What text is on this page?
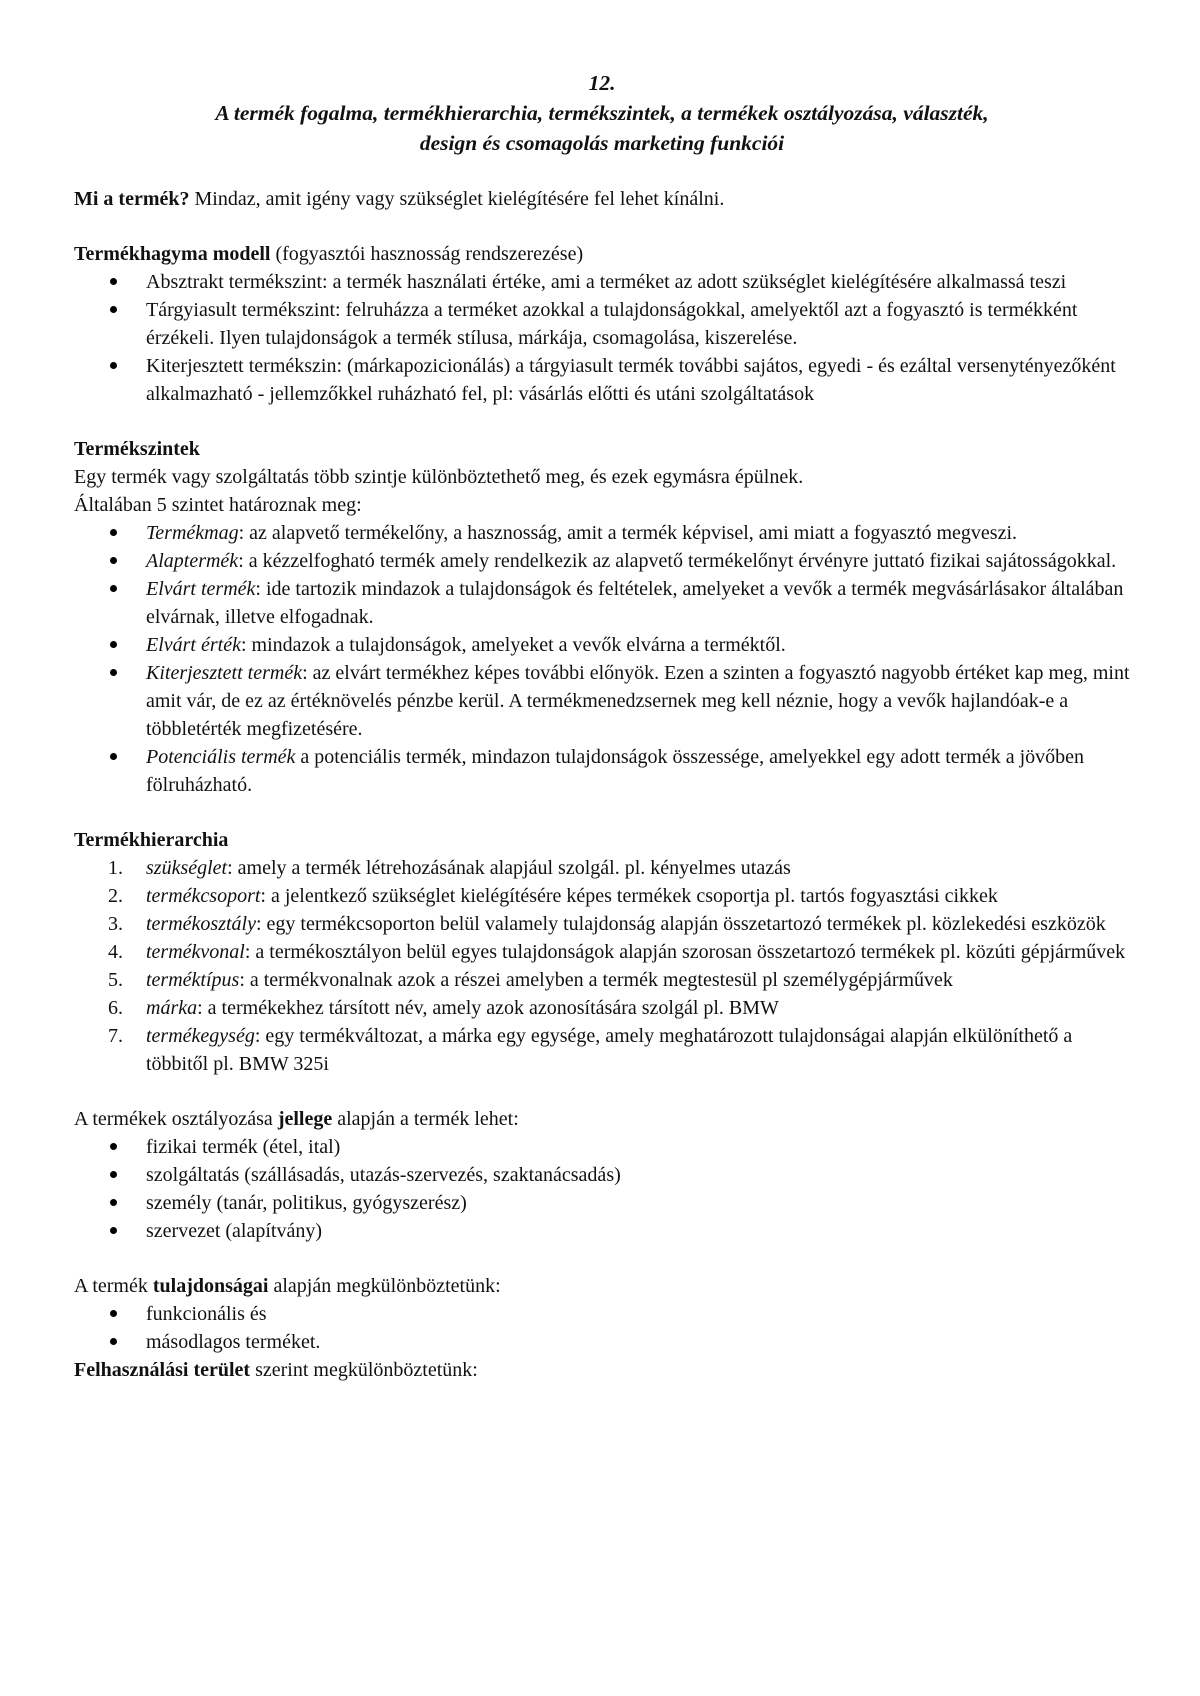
12.
A termék fogalma, termékhierarchia, termékszintek, a termékek osztályozása, választék,
design és csomagolás marketing funkciói

Mi a termék? Mindaz, amit igény vagy szükséglet kielégítésére fel lehet kínálni.

Termékhagyma modell (fogyasztói hasznosság rendszerezése)

Absztrakt termékszint: a termék használati értéke, ami a terméket az adott szükséglet kielégítésére alkalmassá teszi
Tárgyiasult termékszint: felruházza a terméket azokkal a tulajdonságokkal, amelyektől azt a fogyasztó is termékként érzékeli. Ilyen tulajdonságok a termék stílusa, márkája, csomagolása, kiszerelése.
Kiterjesztett termékszin: (márkapozicionálás) a tárgyiasult termék további sajátos, egyedi - és ezáltal versenytényezőként alkalmazható - jellemzőkkel ruházható fel, pl: vásárlás előtti és utáni szolgáltatások

Termékszintek

Egy termék vagy szolgáltatás több szintje különböztethető meg, és ezek egymásra épülnek.

Általában 5 szintet határoznak meg:

Termékmag: az alapvető termékelőny, a hasznosság, amit a termék képvisel, ami miatt a fogyasztó megveszi.
Alaptermék: a kézzelfogható termék amely rendelkezik az alapvető termékelőnyt érvényre juttató fizikai sajátosságokkal.
Elvárt termék: ide tartozik mindazok a tulajdonságok és feltételek, amelyeket a vevők a termék megvásárlásakor általában elvárnak, illetve elfogadnak.
Elvárt érték: mindazok a tulajdonságok, amelyeket a vevők elvárna a terméktől.
Kiterjesztett termék: az elvárt termékhez képes további előnyök. Ezen a szinten a fogyasztó nagyobb értéket kap meg, mint amit vár, de ez az értéknövelés pénzbe kerül. A termékmenedzsernek meg kell néznie, hogy a vevők hajlandóak-e a többletérték megfizetésére.
Potenciális termék a potenciális termék, mindazon tulajdonságok összessége, amelyekkel egy adott termék a jövőben fölruházható.

Termékhierarchia

1. szükséglet: amely a termék létrehozásának alapjául szolgál. pl. kényelmes utazás
2. termékcsoport: a jelentkező szükséglet kielégítésére képes termékek csoportja pl. tartós fogyasztási cikkek
3. termékosztály: egy termékcsoporton belül valamely tulajdonság alapján összetartozó termékek pl. közlekedési eszközök
4. termékvonal: a termékosztályon belül egyes tulajdonságok alapján szorosan összetartozó termékek pl. közúti gépjárművek
5. terméktípus: a termékvonalnak azok a részei amelyben a termék megtestesül pl személygépjárművek
6. márka: a termékekhez társított név, amely azok azonosítására szolgál pl. BMW
7. termékegység: egy termékváltozat, a márka egy egysége, amely meghatározott tulajdonságai alapján elkülöníthető a többitől pl. BMW 325i

A termékek osztályozása jellege alapján a termék lehet:

fizikai termék (étel, ital)
szolgáltatás (szállásadás, utazás-szervezés, szaktanácsadás)
személy (tanár, politikus, gyógyszerész)
szervezet (alapítvány)

A termék tulajdonságai alapján megkülönböztetünk:

funkcionális és
másodlagos terméket.

Felhasználási terület szerint megkülönböztetünk:
